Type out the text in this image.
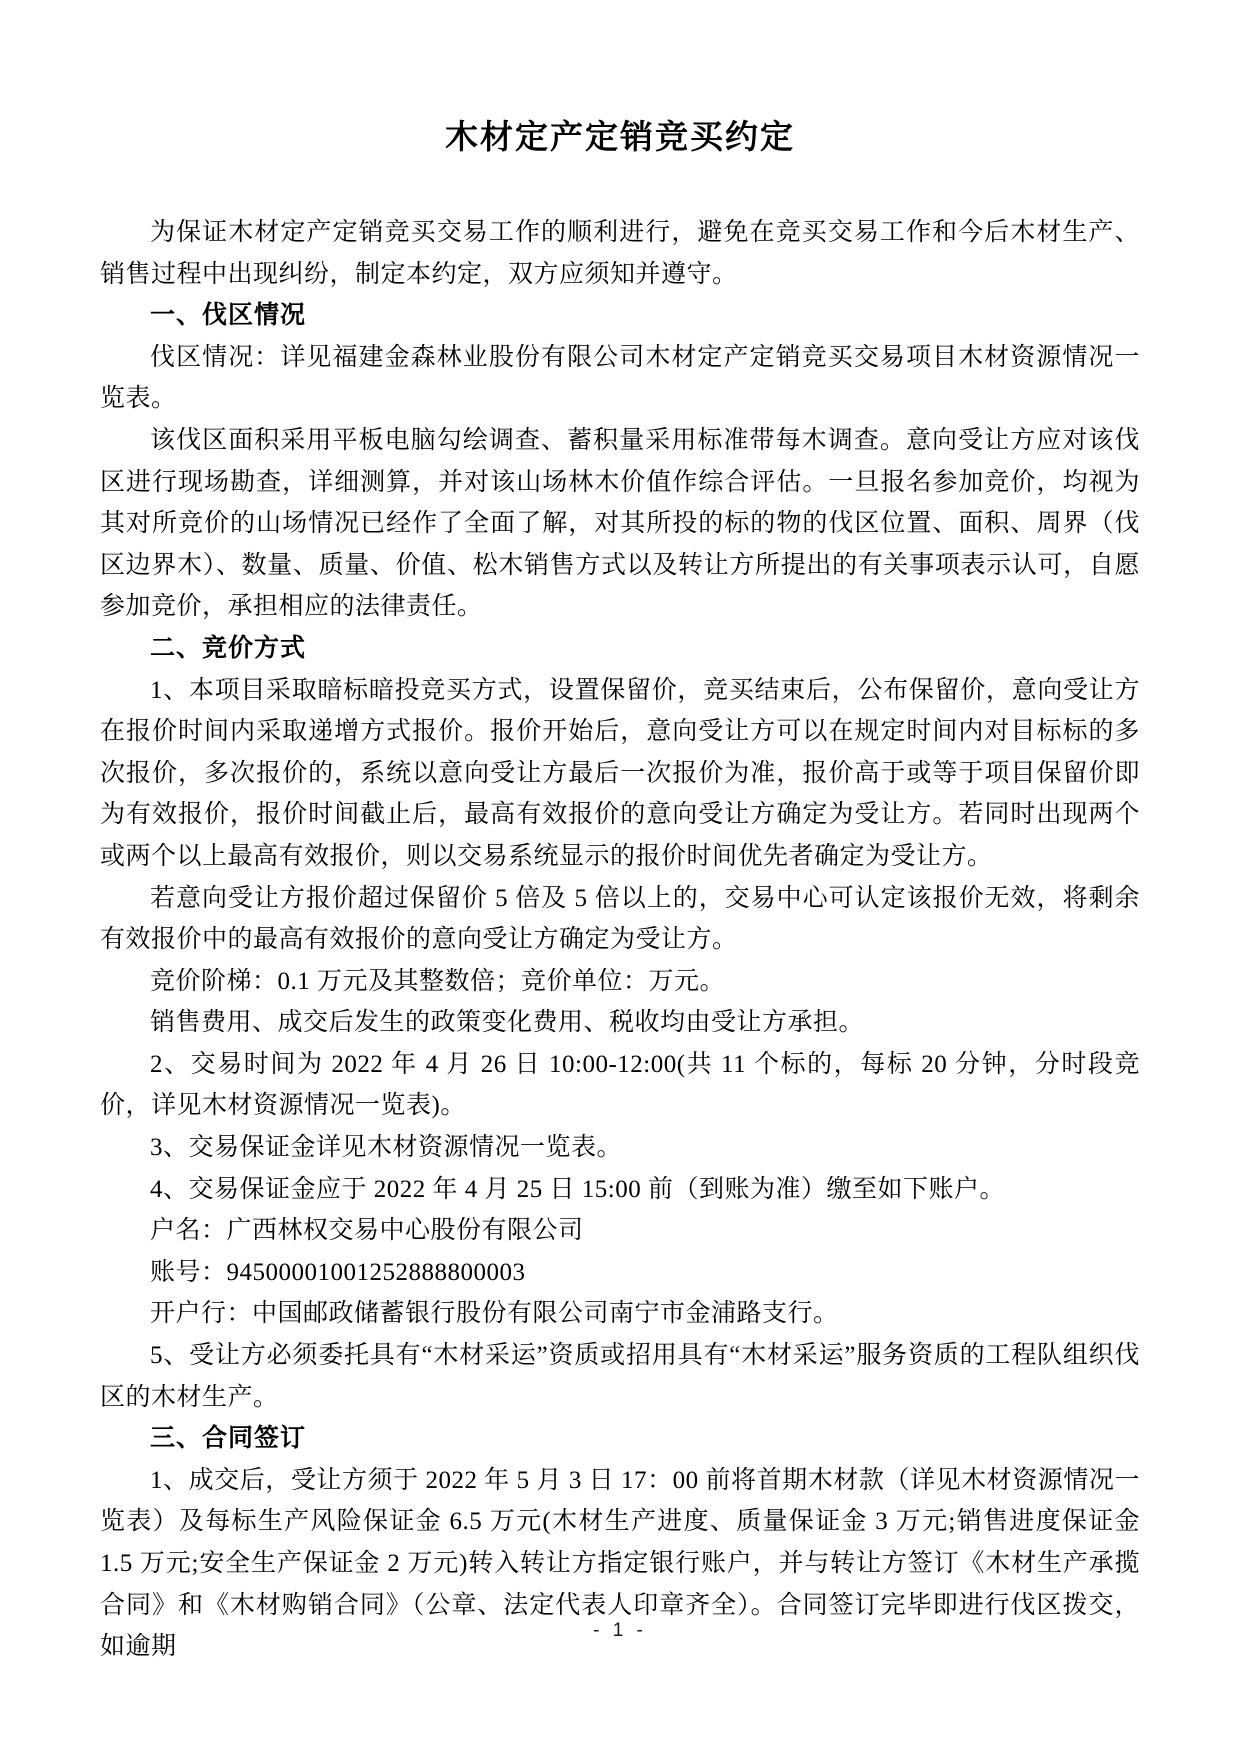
木材定产定销竞买约定

为保证木材定产定销竞买交易工作的顺利进行，避免在竞买交易工作和今后木材生产、销售过程中出现纠纷，制定本约定，双方应须知并遵守。

一、伐区情况

伐区情况：详见福建金森林业股份有限公司木材定产定销竞买交易项目木材资源情况一览表。

该伐区面积采用平板电脑勾绘调查、蓄积量采用标准带每木调查。意向受让方应对该伐区进行现场勘查，详细测算，并对该山场林木价值作综合评估。一旦报名参加竞价，均视为其对所竞价的山场情况已经作了全面了解，对其所投的标的物的伐区位置、面积、周界（伐区边界木）、数量、质量、价值、松木销售方式以及转让方所提出的有关事项表示认可，自愿参加竞价，承担相应的法律责任。

二、竞价方式

1、本项目采取暗标暗投竞买方式，设置保留价，竞买结束后，公布保留价，意向受让方在报价时间内采取递增方式报价。报价开始后，意向受让方可以在规定时间内对目标标的多次报价，多次报价的，系统以意向受让方最后一次报价为准，报价高于或等于项目保留价即为有效报价，报价时间截止后，最高有效报价的意向受让方确定为受让方。若同时出现两个或两个以上最高有效报价，则以交易系统显示的报价时间优先者确定为受让方。

若意向受让方报价超过保留价 5 倍及 5 倍以上的，交易中心可认定该报价无效，将剩余有效报价中的最高有效报价的意向受让方确定为受让方。

竞价阶梯：0.1 万元及其整数倍；竞价单位：万元。

销售费用、成交后发生的政策变化费用、税收均由受让方承担。

2、交易时间为 2022 年 4 月 26 日 10:00-12:00(共 11 个标的，每标 20 分钟，分时段竞价，详见木材资源情况一览表)。

3、交易保证金详见木材资源情况一览表。

4、交易保证金应于 2022 年 4 月 25 日 15:00 前（到账为准）缴至如下账户。

户名：广西林权交易中心股份有限公司

账号：94500001001252888800003

开户行：中国邮政储蓄银行股份有限公司南宁市金浦路支行。

5、受让方必须委托具有“木材采运”资质或招用具有“木材采运”服务资质的工程队组织伐区的木材生产。

三、合同签订

1、成交后，受让方须于 2022 年 5 月 3 日 17：00 前将首期木材款（详见木材资源情况一览表）及每标生产风险保证金 6.5 万元(木材生产进度、质量保证金 3 万元;销售进度保证金 1.5 万元;安全生产保证金 2 万元)转入转让方指定银行账户，并与转让方签订《木材生产承揽合同》和《木材购销合同》（公章、法定代表人印章齐全）。合同签订完毕即进行伐区拨交，如逾期

- 1 -
